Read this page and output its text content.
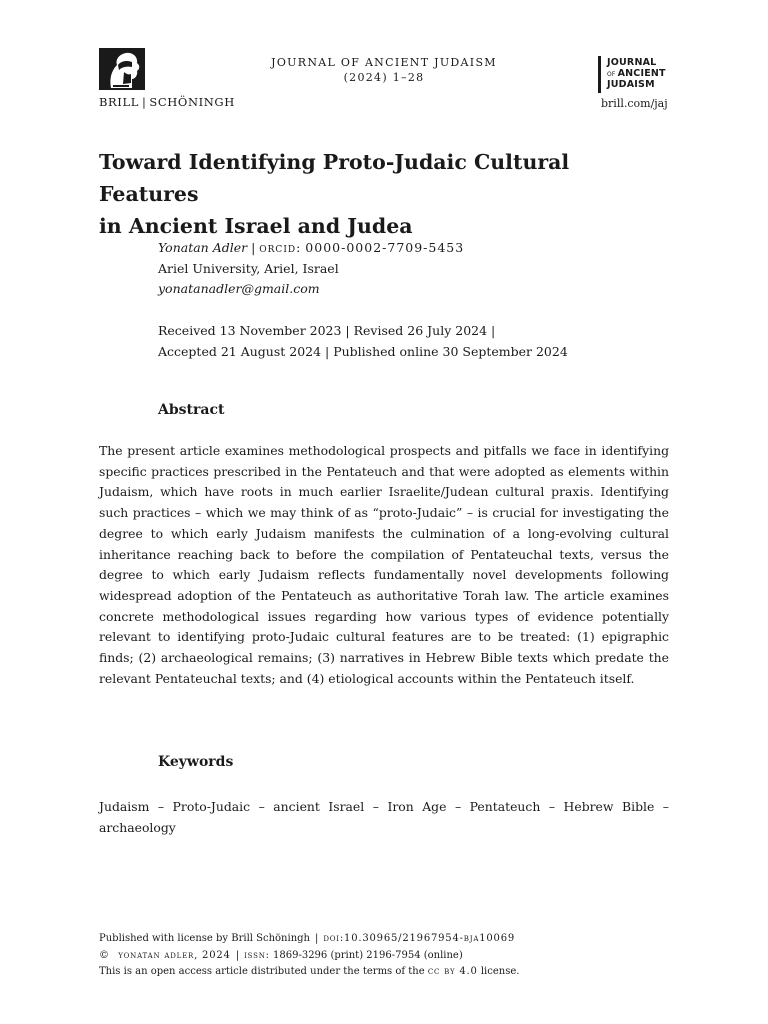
BRILL | SCHÖNINGH
JOURNAL OF ANCIENT JUDAISM
(2024) 1–28
JOURNAL
OF ANCIENT
JUDAISM
brill.com/jaj
Toward Identifying Proto-Judaic Cultural Features
in Ancient Israel and Judea
Yonatan Adler | orcid: 0000-0002-7709-5453
Ariel University, Ariel, Israel
yonatanadler@gmail.com
Received 13 November 2023 | Revised 26 July 2024 |
Accepted 21 August 2024 | Published online 30 September 2024
Abstract
The present article examines methodological prospects and pitfalls we face in identifying specific practices prescribed in the Pentateuch and that were adopted as elements within Judaism, which have roots in much earlier Israelite/Judean cultural praxis. Identifying such practices – which we may think of as “proto-Judaic” – is crucial for investigating the degree to which early Judaism manifests the culmination of a long-evolving cultural inheritance reaching back to before the compilation of Pentateuchal texts, versus the degree to which early Judaism reflects fundamentally novel developments following widespread adoption of the Pentateuch as authoritative Torah law. The article examines concrete methodological issues regarding how various types of evidence potentially relevant to identifying proto-Judaic cultural features are to be treated: (1) epigraphic finds; (2) archaeological remains; (3) narratives in Hebrew Bible texts which predate the relevant Pentateuchal texts; and (4) etiological accounts within the Pentateuch itself.
Keywords
Judaism – Proto-Judaic – ancient Israel – Iron Age – Pentateuch – Hebrew Bible – archaeology
Published with license by Brill Schöningh | doi:10.30965/21967954-bja10069
© yonatan adler, 2024 | issn: 1869-3296 (print) 2196-7954 (online)
This is an open access article distributed under the terms of the cc by 4.0 license.
